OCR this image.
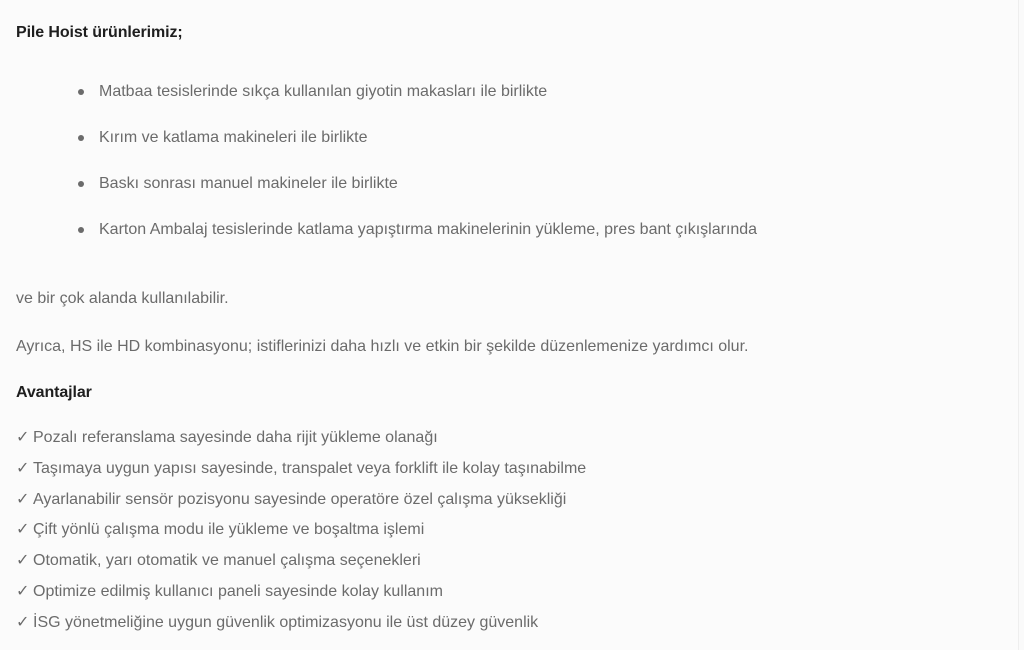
Pile Hoist ürünlerimiz;
Matbaa tesislerinde sıkça kullanılan giyotin makasları ile birlikte
Kırım ve katlama makineleri ile birlikte
Baskı sonrası manuel makineler ile birlikte
Karton Ambalaj tesislerinde katlama yapıştırma makinelerinin yükleme, pres bant çıkışlarında

ve bir çok alanda kullanılabilir.

Ayrıca, HS ile HD kombinasyonu; istiflerinizi daha hızlı ve etkin bir şekilde düzenlemenize yardımcı olur.

Avantajlar
✓ Pozalı referanslama sayesinde daha rijit yükleme olanağı
✓ Taşımaya uygun yapısı sayesinde, transpalet veya forklift ile kolay taşınabilme
✓ Ayarlanabilir sensör pozisyonu sayesinde operatöre özel çalışma yüksekliği
✓ Çift yönlü çalışma modu ile yükleme ve boşaltma işlemi
✓ Otomatik, yarı otomatik ve manuel çalışma seçenekleri
✓ Optimize edilmiş kullanıcı paneli sayesinde kolay kullanım
✓ İSG yönetmeliğine uygun güvenlik optimizasyonu ile üst düzey güvenlik
